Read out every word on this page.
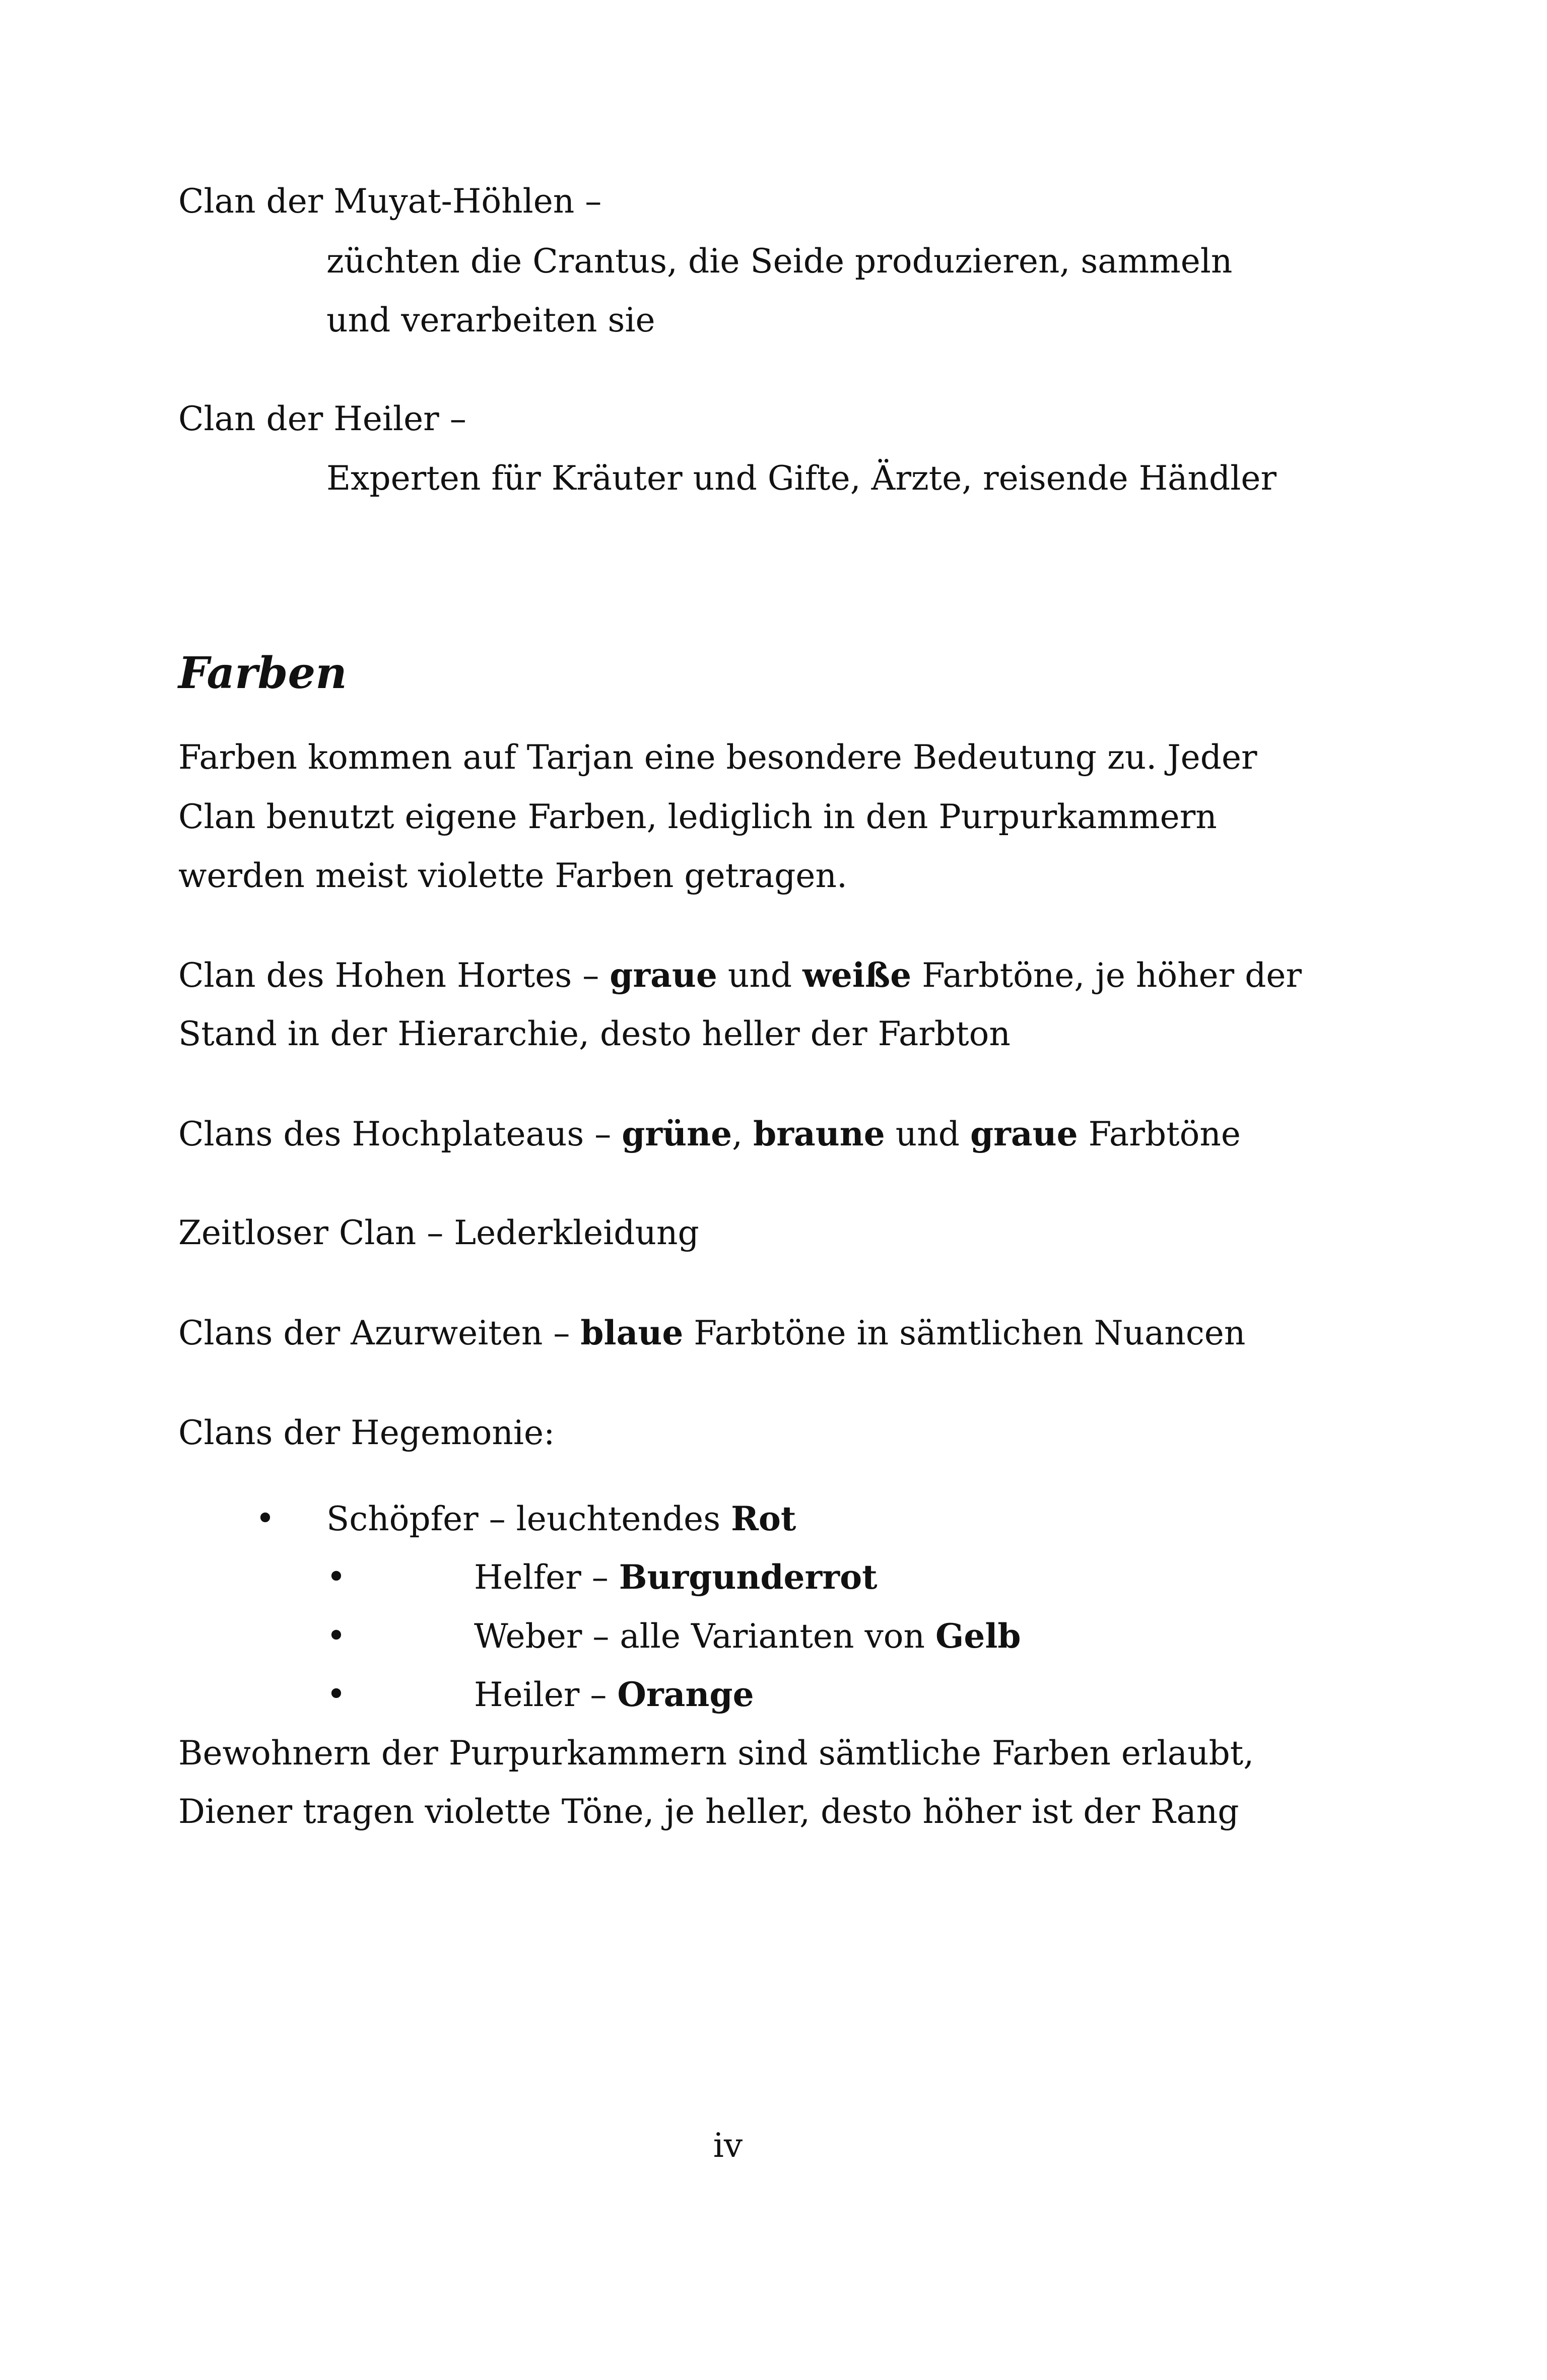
Clan der Muyat-Höhlen –
züchten die Crantus, die Seide produzieren, sammeln
und verarbeiten sie
Clan der Heiler –
Experten für Kräuter und Gifte, Ärzte, reisende Händler
Farben
Farben kommen auf Tarjan eine besondere Bedeutung zu. Jeder
Clan benutzt eigene Farben, lediglich in den Purpurkammern
werden meist violette Farben getragen.
Clan des Hohen Hortes – graue und weiße Farbtöne, je höher der
Stand in der Hierarchie, desto heller der Farbton
Clans des Hochplateaus – grüne, braune und graue Farbtöne
Zeitloser Clan – Lederkleidung
Clans der Azurweiten – blaue Farbtöne in sämtlichen Nuancen
Clans der Hegemonie:
• Schöpfer – leuchtendes Rot
•	Helfer – Burgunderrot
•	Weber – alle Varianten von Gelb
•	Heiler – Orange
Bewohnern der Purpurkammern sind sämtliche Farben erlaubt,
Diener tragen violette Töne, je heller, desto höher ist der Rang
iv
